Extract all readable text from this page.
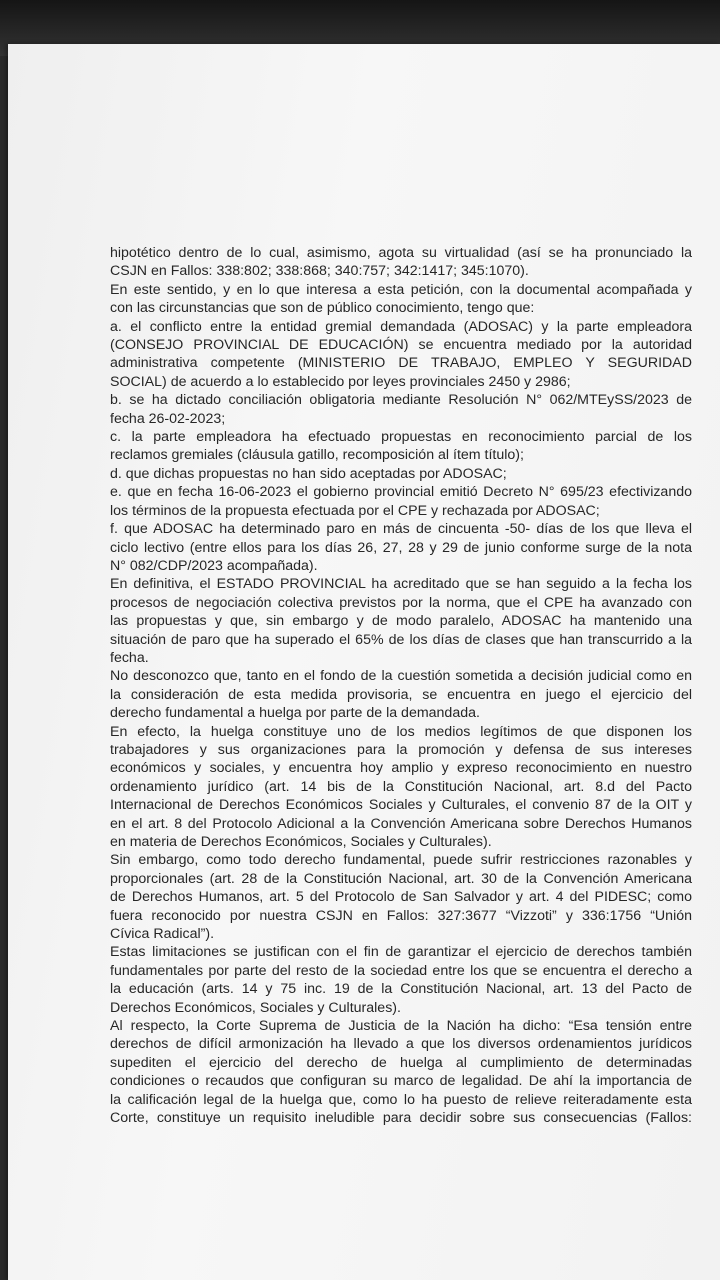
hipotético dentro de lo cual, asimismo, agota su virtualidad (así se ha pronunciado la
CSJN en Fallos: 338:802; 338:868; 340:757; 342:1417; 345:1070).
En este sentido, y en lo que interesa a esta petición, con la documental acompañada y
con las circunstancias que son de público conocimiento, tengo que:
a. el conflicto entre la entidad gremial demandada (ADOSAC) y la parte empleadora
(CONSEJO PROVINCIAL DE EDUCACIÓN) se encuentra mediado por la autoridad
administrativa competente (MINISTERIO DE TRABAJO, EMPLEO Y SEGURIDAD
SOCIAL) de acuerdo a lo establecido por leyes provinciales 2450 y 2986;
b. se ha dictado conciliación obligatoria mediante Resolución N° 062/MTEySS/2023 de
fecha 26-02-2023;
c. la parte empleadora ha efectuado propuestas en reconocimiento parcial de los
reclamos gremiales (cláusula gatillo, recomposición al ítem título);
d. que dichas propuestas no han sido aceptadas por ADOSAC;
e. que en fecha 16-06-2023 el gobierno provincial emitió Decreto N° 695/23 efectivizando
los términos de la propuesta efectuada por el CPE y rechazada por ADOSAC;
f. que ADOSAC ha determinado paro en más de cincuenta -50- días de los que lleva el
ciclo lectivo (entre ellos para los días 26, 27, 28 y 29 de junio conforme surge de la nota
N° 082/CDP/2023 acompañada).
En definitiva, el ESTADO PROVINCIAL ha acreditado que se han seguido a la fecha los
procesos de negociación colectiva previstos por la norma, que el CPE ha avanzado con
las propuestas y que, sin embargo y de modo paralelo, ADOSAC ha mantenido una
situación de paro que ha superado el 65% de los días de clases que han transcurrido a la
fecha.
No desconozco que, tanto en el fondo de la cuestión sometida a decisión judicial como en
la consideración de esta medida provisoria, se encuentra en juego el ejercicio del
derecho fundamental a huelga por parte de la demandada.
En efecto, la huelga constituye uno de los medios legítimos de que disponen los
trabajadores y sus organizaciones para la promoción y defensa de sus intereses
económicos y sociales, y encuentra hoy amplio y expreso reconocimiento en nuestro
ordenamiento jurídico (art. 14 bis de la Constitución Nacional, art. 8.d del Pacto
Internacional de Derechos Económicos Sociales y Culturales, el convenio 87 de la OIT y
en el art. 8 del Protocolo Adicional a la Convención Americana sobre Derechos Humanos
en materia de Derechos Económicos, Sociales y Culturales).
Sin embargo, como todo derecho fundamental, puede sufrir restricciones razonables y
proporcionales (art. 28 de la Constitución Nacional, art. 30 de la Convención Americana
de Derechos Humanos, art. 5 del Protocolo de San Salvador y art. 4 del PIDESC; como
fuera reconocido por nuestra CSJN en Fallos: 327:3677 “Vizzoti” y 336:1756 “Unión
Cívica Radical”).
Estas limitaciones se justifican con el fin de garantizar el ejercicio de derechos también
fundamentales por parte del resto de la sociedad entre los que se encuentra el derecho a
la educación (arts. 14 y 75 inc. 19 de la Constitución Nacional, art. 13 del Pacto de
Derechos Económicos, Sociales y Culturales).
Al respecto, la Corte Suprema de Justicia de la Nación ha dicho: “Esa tensión entre
derechos de difícil armonización ha llevado a que los diversos ordenamientos jurídicos
supediten el ejercicio del derecho de huelga al cumplimiento de determinadas
condiciones o recaudos que configuran su marco de legalidad. De ahí la importancia de
la calificación legal de la huelga que, como lo ha puesto de relieve reiteradamente esta
Corte, constituye un requisito ineludible para decidir sobre sus consecuencias (Fallos:
